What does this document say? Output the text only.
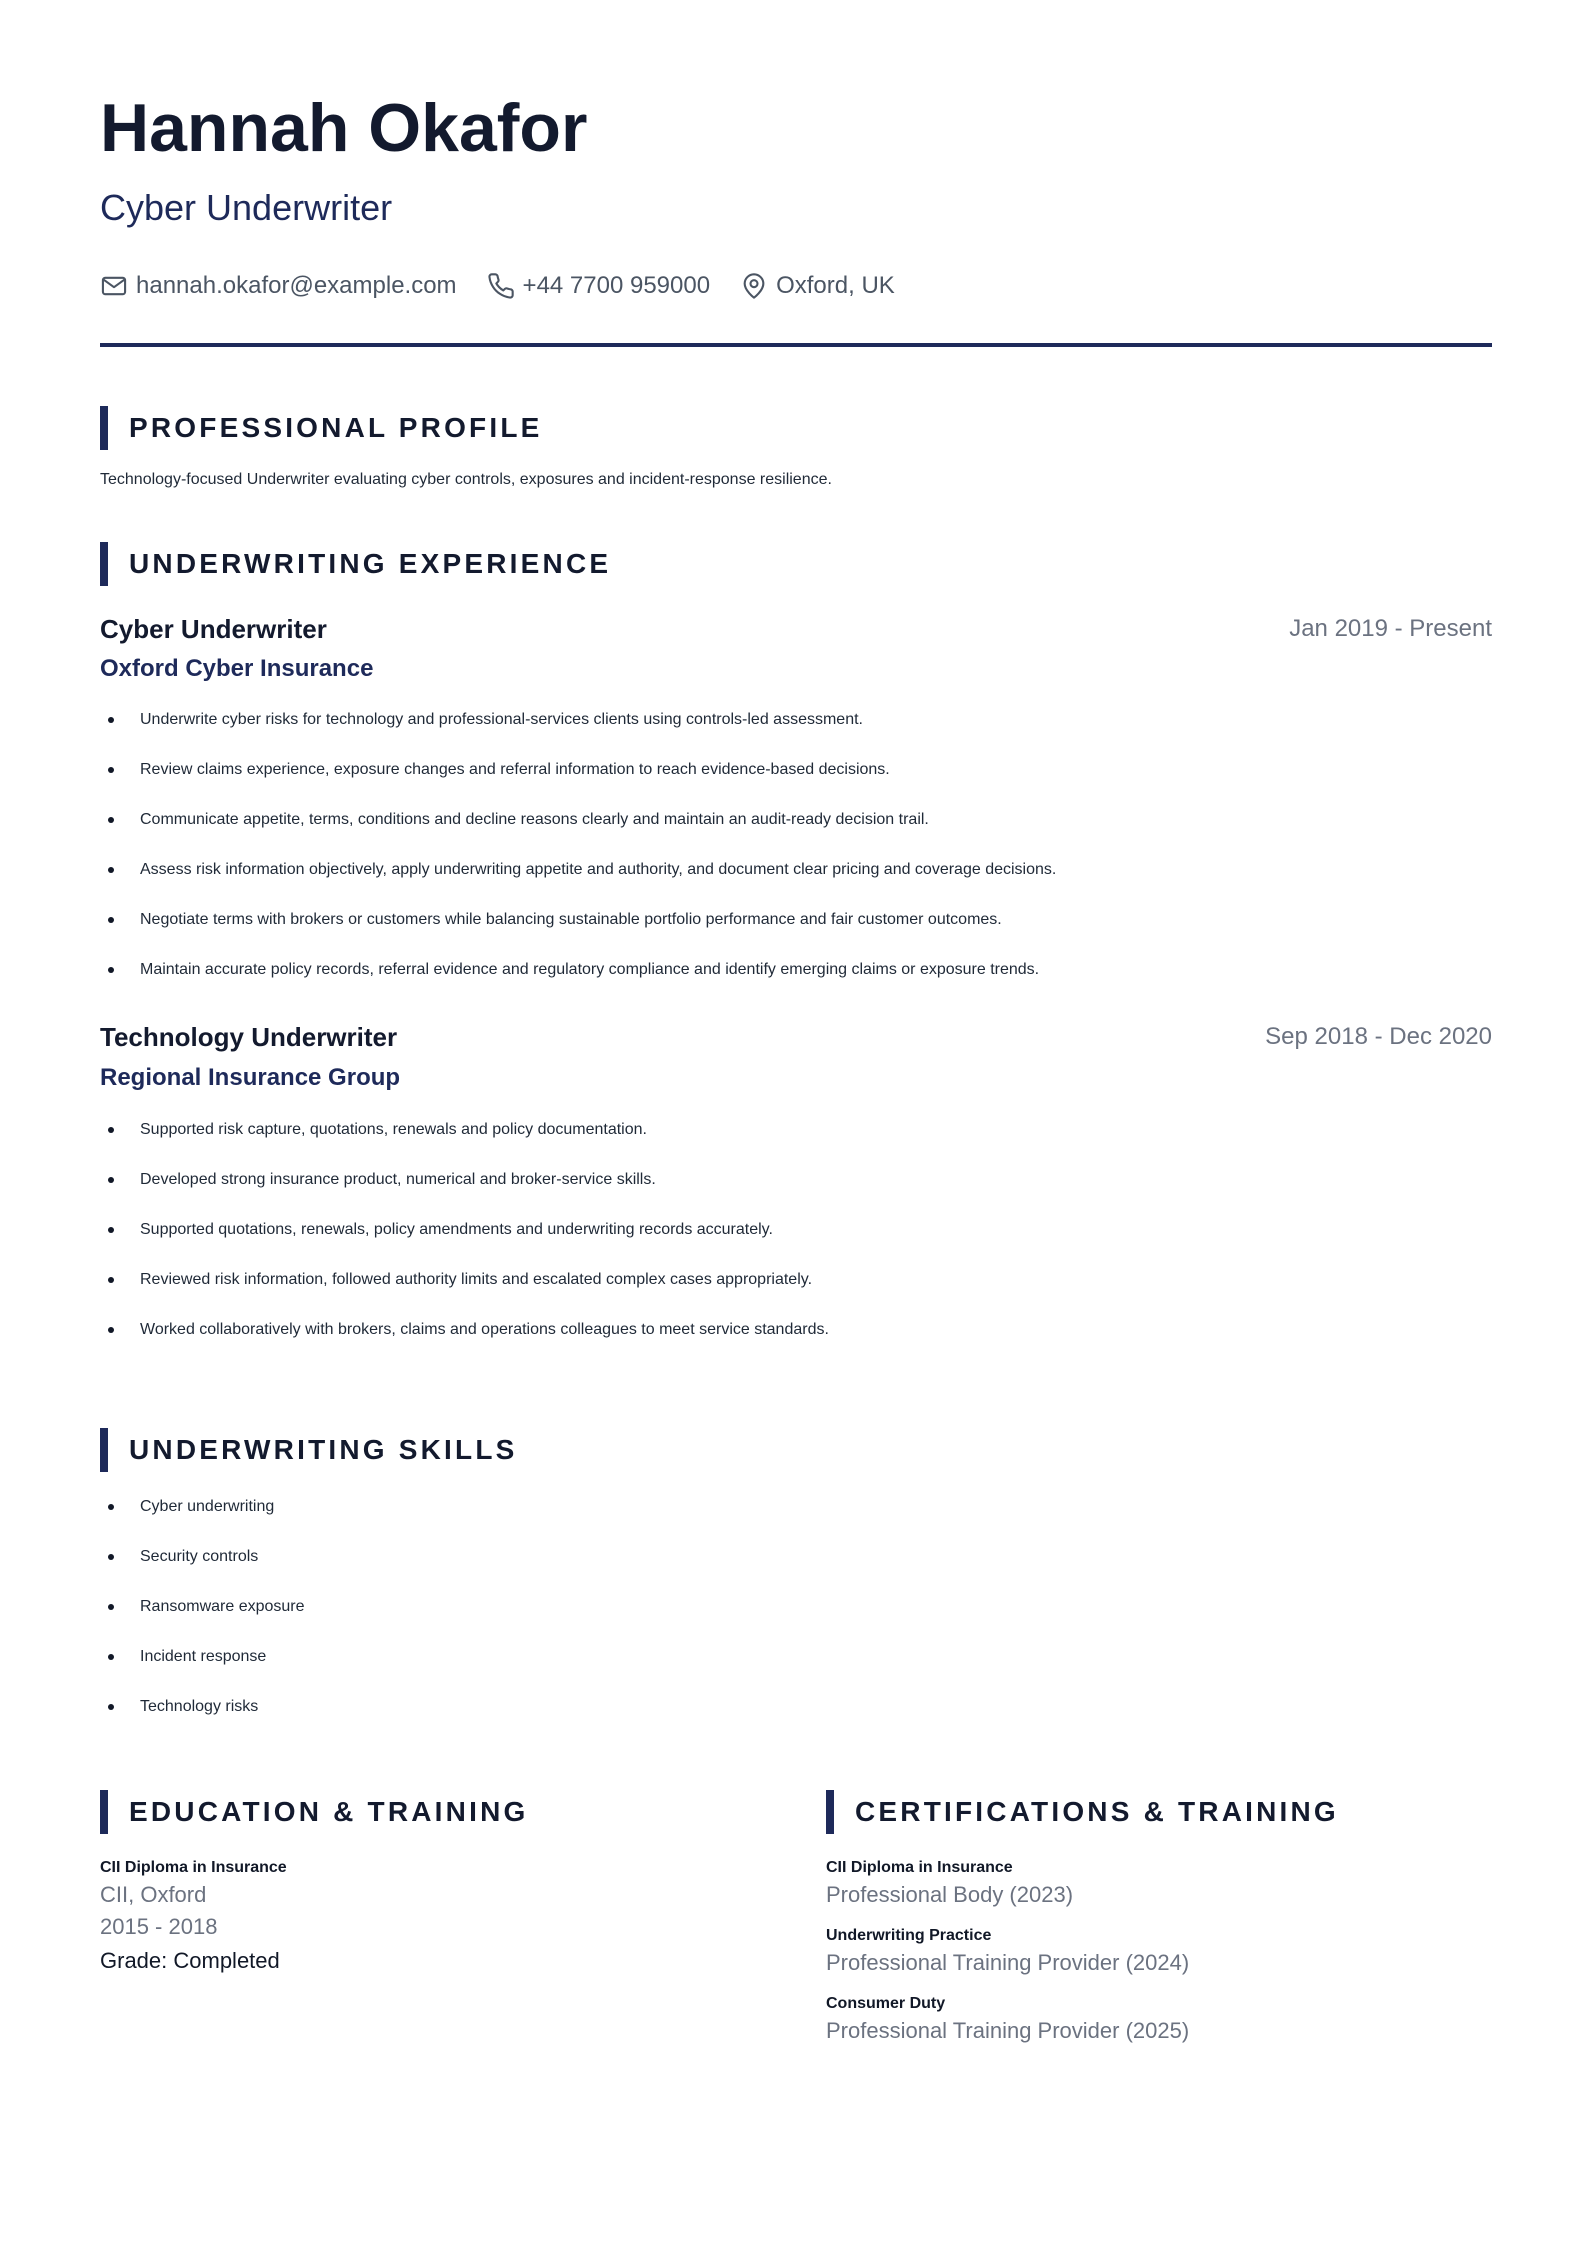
Hannah Okafor
Cyber Underwriter
hannah.okafor@example.com	+44 7700 959000	Oxford, UK
PROFESSIONAL PROFILE
Technology-focused Underwriter evaluating cyber controls, exposures and incident-response resilience.
UNDERWRITING EXPERIENCE
Cyber Underwriter	Jan 2019 - Present
Oxford Cyber Insurance
Underwrite cyber risks for technology and professional-services clients using controls-led assessment.
Review claims experience, exposure changes and referral information to reach evidence-based decisions.
Communicate appetite, terms, conditions and decline reasons clearly and maintain an audit-ready decision trail.
Assess risk information objectively, apply underwriting appetite and authority, and document clear pricing and coverage decisions.
Negotiate terms with brokers or customers while balancing sustainable portfolio performance and fair customer outcomes.
Maintain accurate policy records, referral evidence and regulatory compliance and identify emerging claims or exposure trends.
Technology Underwriter	Sep 2018 - Dec 2020
Regional Insurance Group
Supported risk capture, quotations, renewals and policy documentation.
Developed strong insurance product, numerical and broker-service skills.
Supported quotations, renewals, policy amendments and underwriting records accurately.
Reviewed risk information, followed authority limits and escalated complex cases appropriately.
Worked collaboratively with brokers, claims and operations colleagues to meet service standards.
UNDERWRITING SKILLS
Cyber underwriting
Security controls
Ransomware exposure
Incident response
Technology risks
EDUCATION & TRAINING
CII Diploma in Insurance
CII, Oxford
2015 - 2018
Grade: Completed
CERTIFICATIONS & TRAINING
CII Diploma in Insurance
Professional Body (2023)
Underwriting Practice
Professional Training Provider (2024)
Consumer Duty
Professional Training Provider (2025)
